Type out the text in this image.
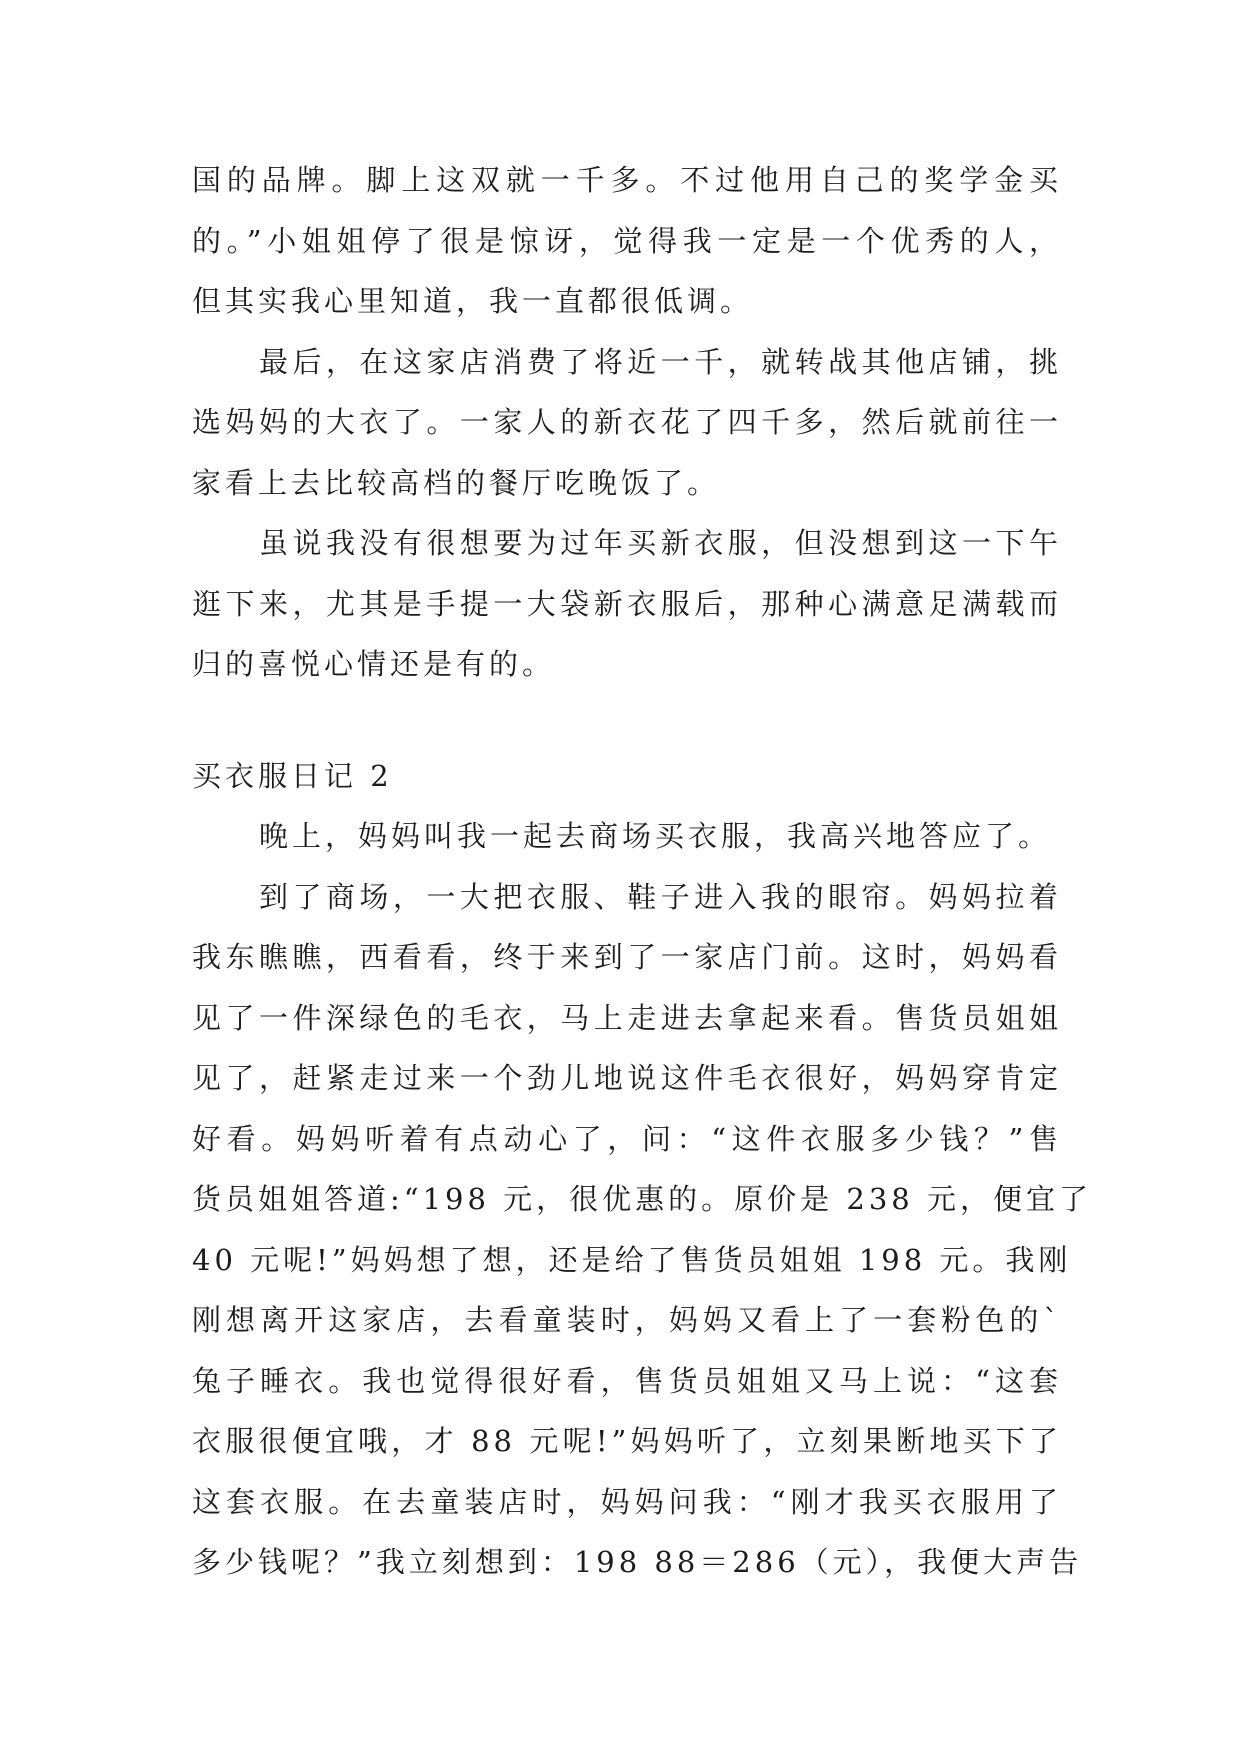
国的品牌。脚上这双就一千多。不过他用自己的奖学金买
的。”小姐姐停了很是惊讶，觉得我一定是一个优秀的人，
但其实我心里知道，我一直都很低调。
最后，在这家店消费了将近一千，就转战其他店铺，挑
选妈妈的大衣了。一家人的新衣花了四千多，然后就前往一
家看上去比较高档的餐厅吃晚饭了。
虽说我没有很想要为过年买新衣服，但没想到这一下午
逛下来，尤其是手提一大袋新衣服后，那种心满意足满载而
归的喜悦心情还是有的。
买衣服日记 2
晚上，妈妈叫我一起去商场买衣服，我高兴地答应了。
到了商场，一大把衣服、鞋子进入我的眼帘。妈妈拉着
我东瞧瞧，西看看，终于来到了一家店门前。这时，妈妈看
见了一件深绿色的毛衣，马上走进去拿起来看。售货员姐姐
见了，赶紧走过来一个劲儿地说这件毛衣很好，妈妈穿肯定
好看。妈妈听着有点动心了，问：“这件衣服多少钱？”售
货员姐姐答道:“198 元，很优惠的。原价是 238 元，便宜了
40 元呢!”妈妈想了想，还是给了售货员姐姐 198 元。我刚
刚想离开这家店，去看童装时，妈妈又看上了一套粉色的`
兔子睡衣。我也觉得很好看，售货员姐姐又马上说：“这套
衣服很便宜哦，才 88 元呢!”妈妈听了，立刻果断地买下了
这套衣服。在去童装店时，妈妈问我：“刚才我买衣服用了
多少钱呢？”我立刻想到：198 88＝286（元），我便大声告
